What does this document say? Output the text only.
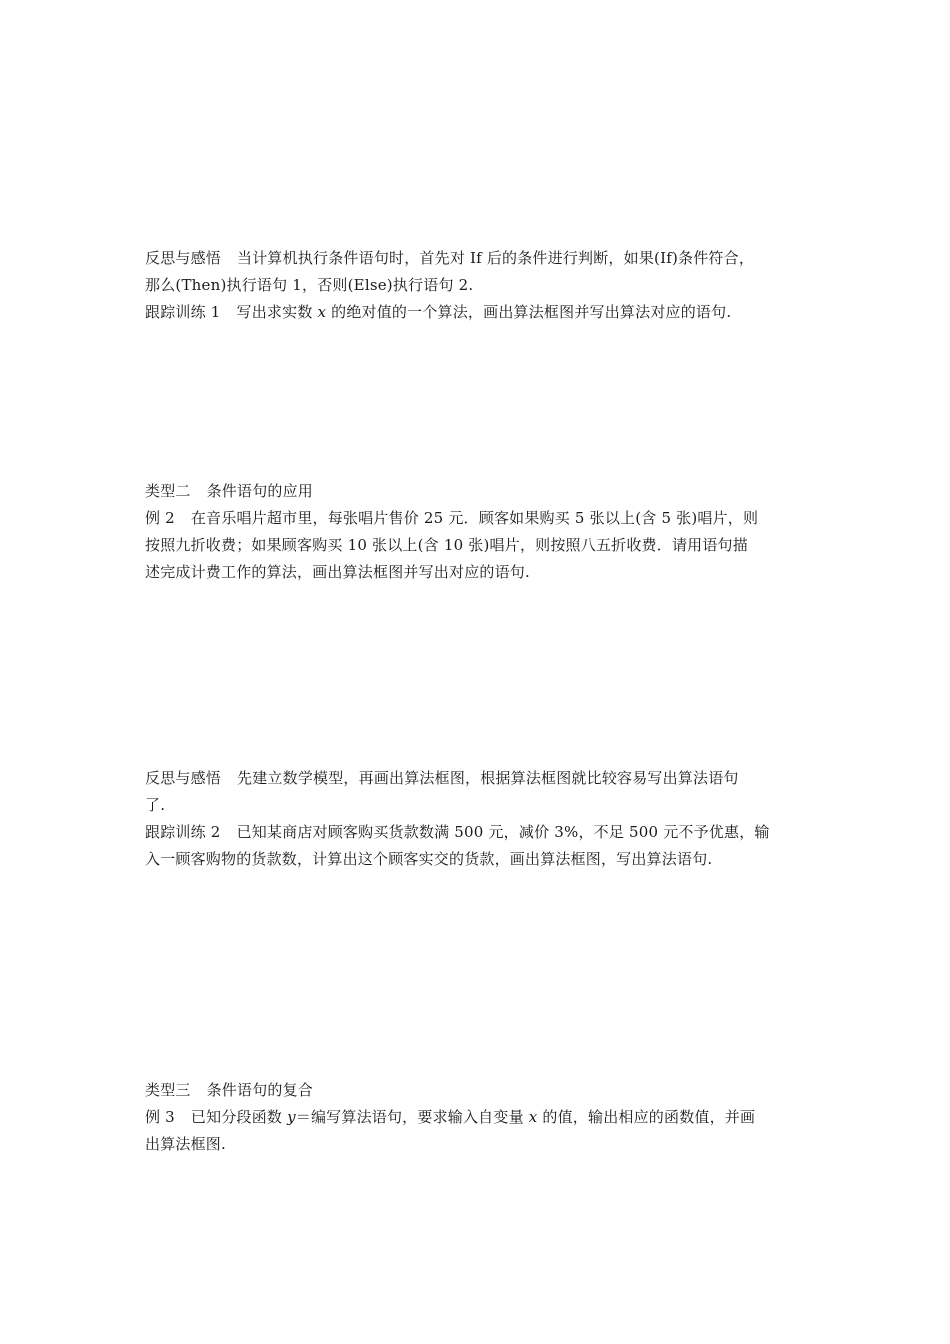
反思与感悟 当计算机执行条件语句时，首先对 If 后的条件进行判断，如果(If)条件符合，
那么(Then)执行语句 1，否则(Else)执行语句 2.
跟踪训练 1 写出求实数 x 的绝对值的一个算法，画出算法框图并写出算法对应的语句.
类型二 条件语句的应用
例 2 在音乐唱片超市里，每张唱片售价 25 元．顾客如果购买 5 张以上(含 5 张)唱片，则
按照九折收费；如果顾客购买 10 张以上(含 10 张)唱片，则按照八五折收费．请用语句描
述完成计费工作的算法，画出算法框图并写出对应的语句.
反思与感悟 先建立数学模型，再画出算法框图，根据算法框图就比较容易写出算法语句
了.
跟踪训练 2 已知某商店对顾客购买货款数满 500 元，减价 3%，不足 500 元不予优惠，输
入一顾客购物的货款数，计算出这个顾客实交的货款，画出算法框图，写出算法语句.
类型三 条件语句的复合
例 3 已知分段函数 y＝编写算法语句，要求输入自变量 x 的值，输出相应的函数值，并画
出算法框图.
